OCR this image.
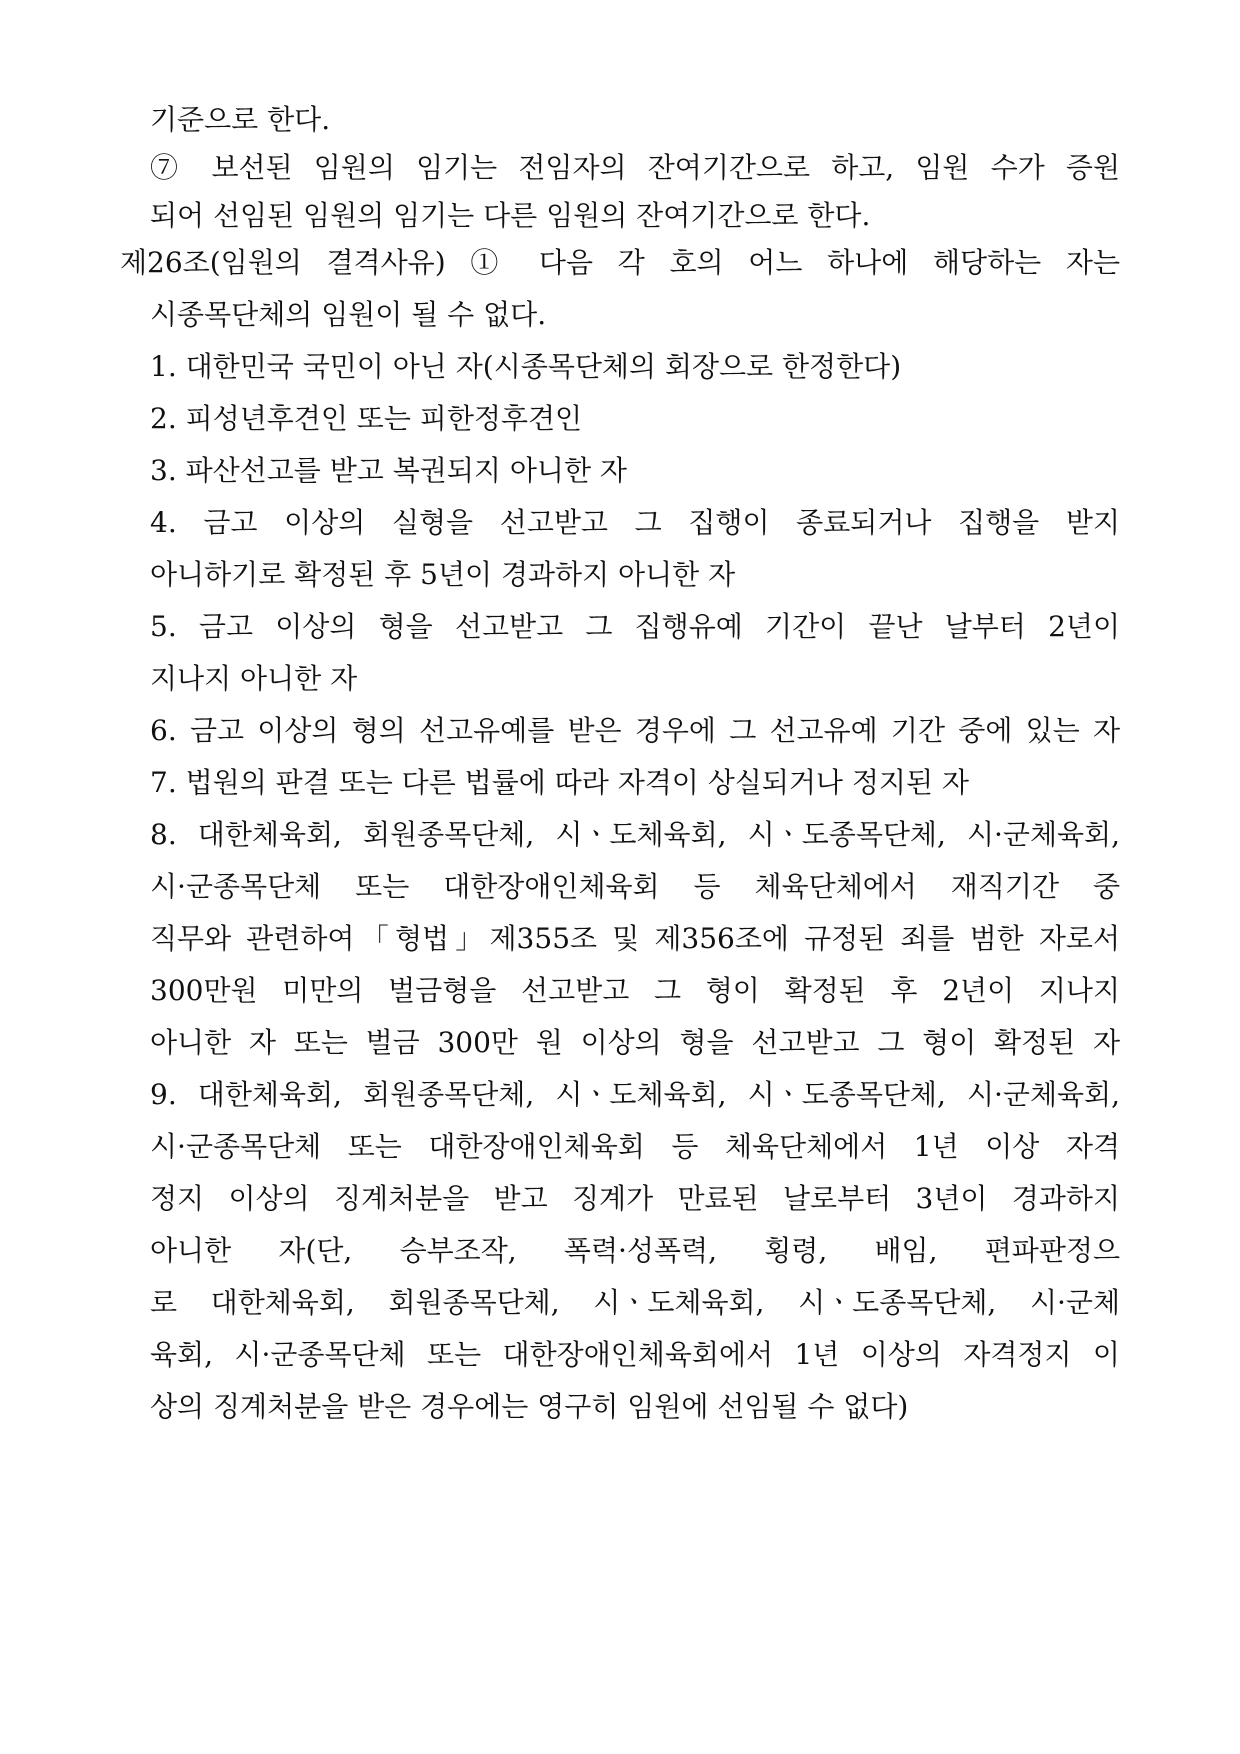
기준으로 한다.
⑦ 보선된 임원의 임기는 전임자의 잔여기간으로 하고, 임원 수가 증원
되어 선임된 임원의 임기는 다른 임원의 잔여기간으로 한다.
제26조(임원의 결격사유) ① 다음 각 호의 어느 하나에 해당하는 자는
시종목단체의 임원이 될 수 없다.
1. 대한민국 국민이 아닌 자(시종목단체의 회장으로 한정한다)
2. 피성년후견인 또는 피한정후견인
3. 파산선고를 받고 복권되지 아니한 자
4. 금고 이상의 실형을 선고받고 그 집행이 종료되거나 집행을 받지
아니하기로 확정된 후 5년이 경과하지 아니한 자
5. 금고 이상의 형을 선고받고 그 집행유예 기간이 끝난 날부터 2년이
지나지 아니한 자
6. 금고 이상의 형의 선고유예를 받은 경우에 그 선고유예 기간 중에 있는 자
7. 법원의 판결 또는 다른 법률에 따라 자격이 상실되거나 정지된 자
8. 대한체육회, 회원종목단체, 시ㆍ도체육회, 시ㆍ도종목단체, 시·군체육회,
시·군종목단체 또는 대한장애인체육회 등 체육단체에서 재직기간 중
직무와 관련하여「형법」제355조 및 제356조에 규정된 죄를 범한 자로서
300만원 미만의 벌금형을 선고받고 그 형이 확정된 후 2년이 지나지
아니한 자 또는 벌금 300만 원 이상의 형을 선고받고 그 형이 확정된 자
9. 대한체육회, 회원종목단체, 시ㆍ도체육회, 시ㆍ도종목단체, 시·군체육회,
시·군종목단체 또는 대한장애인체육회 등 체육단체에서 1년 이상 자격
정지 이상의 징계처분을 받고 징계가 만료된 날로부터 3년이 경과하지
아니한 자(단, 승부조작, 폭력·성폭력, 횡령, 배임, 편파판정으
로 대한체육회, 회원종목단체, 시ㆍ도체육회, 시ㆍ도종목단체, 시·군체
육회, 시·군종목단체 또는 대한장애인체육회에서 1년 이상의 자격정지 이
상의 징계처분을 받은 경우에는 영구히 임원에 선임될 수 없다)
